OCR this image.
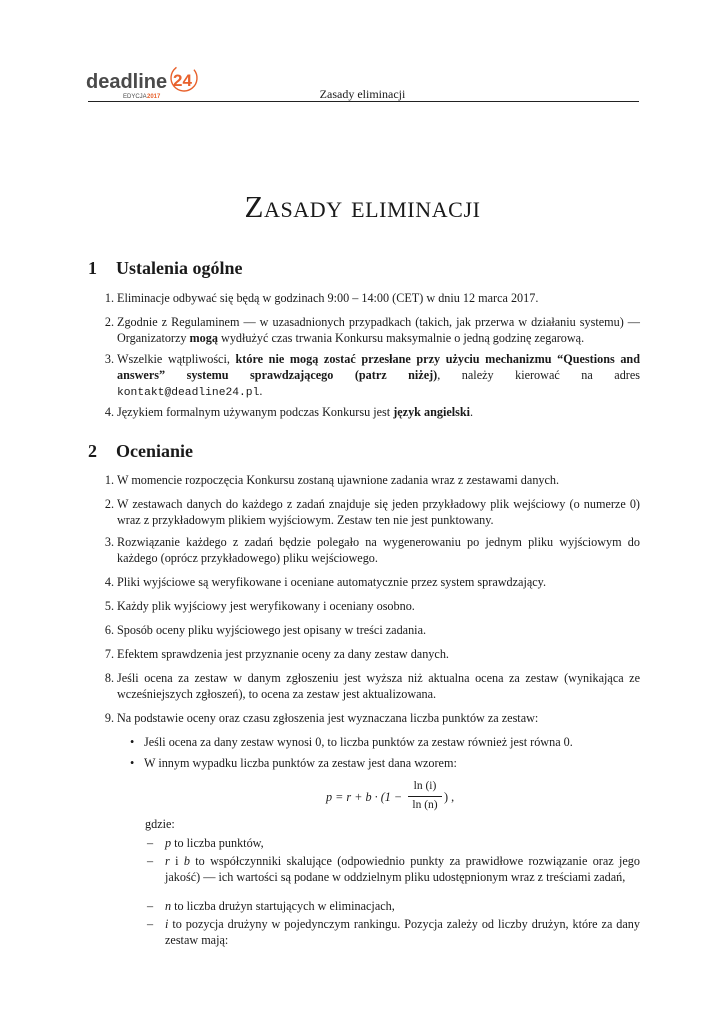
deadline 24
EDYCJA 2017	Zasady eliminacji
Zasady eliminacji
1 Ustalenia ogólne
1. Eliminacje odbywać się będą w godzinach 9:00 – 14:00 (CET) w dniu 12 marca 2017.
2. Zgodnie z Regulaminem — w uzasadnionych przypadkach (takich, jak przerwa w działaniu systemu) — Organizatorzy mogą wydłużyć czas trwania Konkursu maksymalnie o jedną godzinę zegarową.
3. Wszelkie wątpliwości, które nie mogą zostać przesłane przy użyciu mechanizmu “Questions and answers” systemu sprawdzającego (patrz niżej), należy kierować na adres kontakt@deadline24.pl.
4. Językiem formalnym używanym podczas Konkursu jest język angielski.
2 Ocenianie
1. W momencie rozpoczęcia Konkursu zostaną ujawnione zadania wraz z zestawami danych.
2. W zestawach danych do każdego z zadań znajduje się jeden przykładowy plik wejściowy (o numerze 0) wraz z przykładowym plikiem wyjściowym. Zestaw ten nie jest punktowany.
3. Rozwiązanie każdego z zadań będzie polegało na wygenerowaniu po jednym pliku wyjściowym do każdego (oprócz przykładowego) pliku wejściowego.
4. Pliki wyjściowe są weryfikowane i oceniane automatycznie przez system sprawdzający.
5. Każdy plik wyjściowy jest weryfikowany i oceniany osobno.
6. Sposób oceny pliku wyjściowego jest opisany w treści zadania.
7. Efektem sprawdzenia jest przyznanie oceny za dany zestaw danych.
8. Jeśli ocena za zestaw w danym zgłoszeniu jest wyższa niż aktualna ocena za zestaw (wynikająca ze wcześniejszych zgłoszeń), to ocena za zestaw jest aktualizowana.
9. Na podstawie oceny oraz czasu zgłoszenia jest wyznaczana liczba punktów za zestaw:
• Jeśli ocena za dany zestaw wynosi 0, to liczba punktów za zestaw również jest równa 0.
• W innym wypadku liczba punktów za zestaw jest dana wzorem:
p = r + b · (1 −
ln (i)
ln (n)
) ,
gdzie:
– p to liczba punktów,
– r i b to współczynniki skalujące (odpowiednio punkty za prawidłowe rozwiązanie oraz jego jakość) — ich wartości są podane w oddzielnym pliku udostępnionym wraz z treściami zadań,
– n to liczba drużyn startujących w eliminacjach,
– i to pozycja drużyny w pojedynczym rankingu. Pozycja zależy od liczby drużyn, które za dany zestaw mają:
